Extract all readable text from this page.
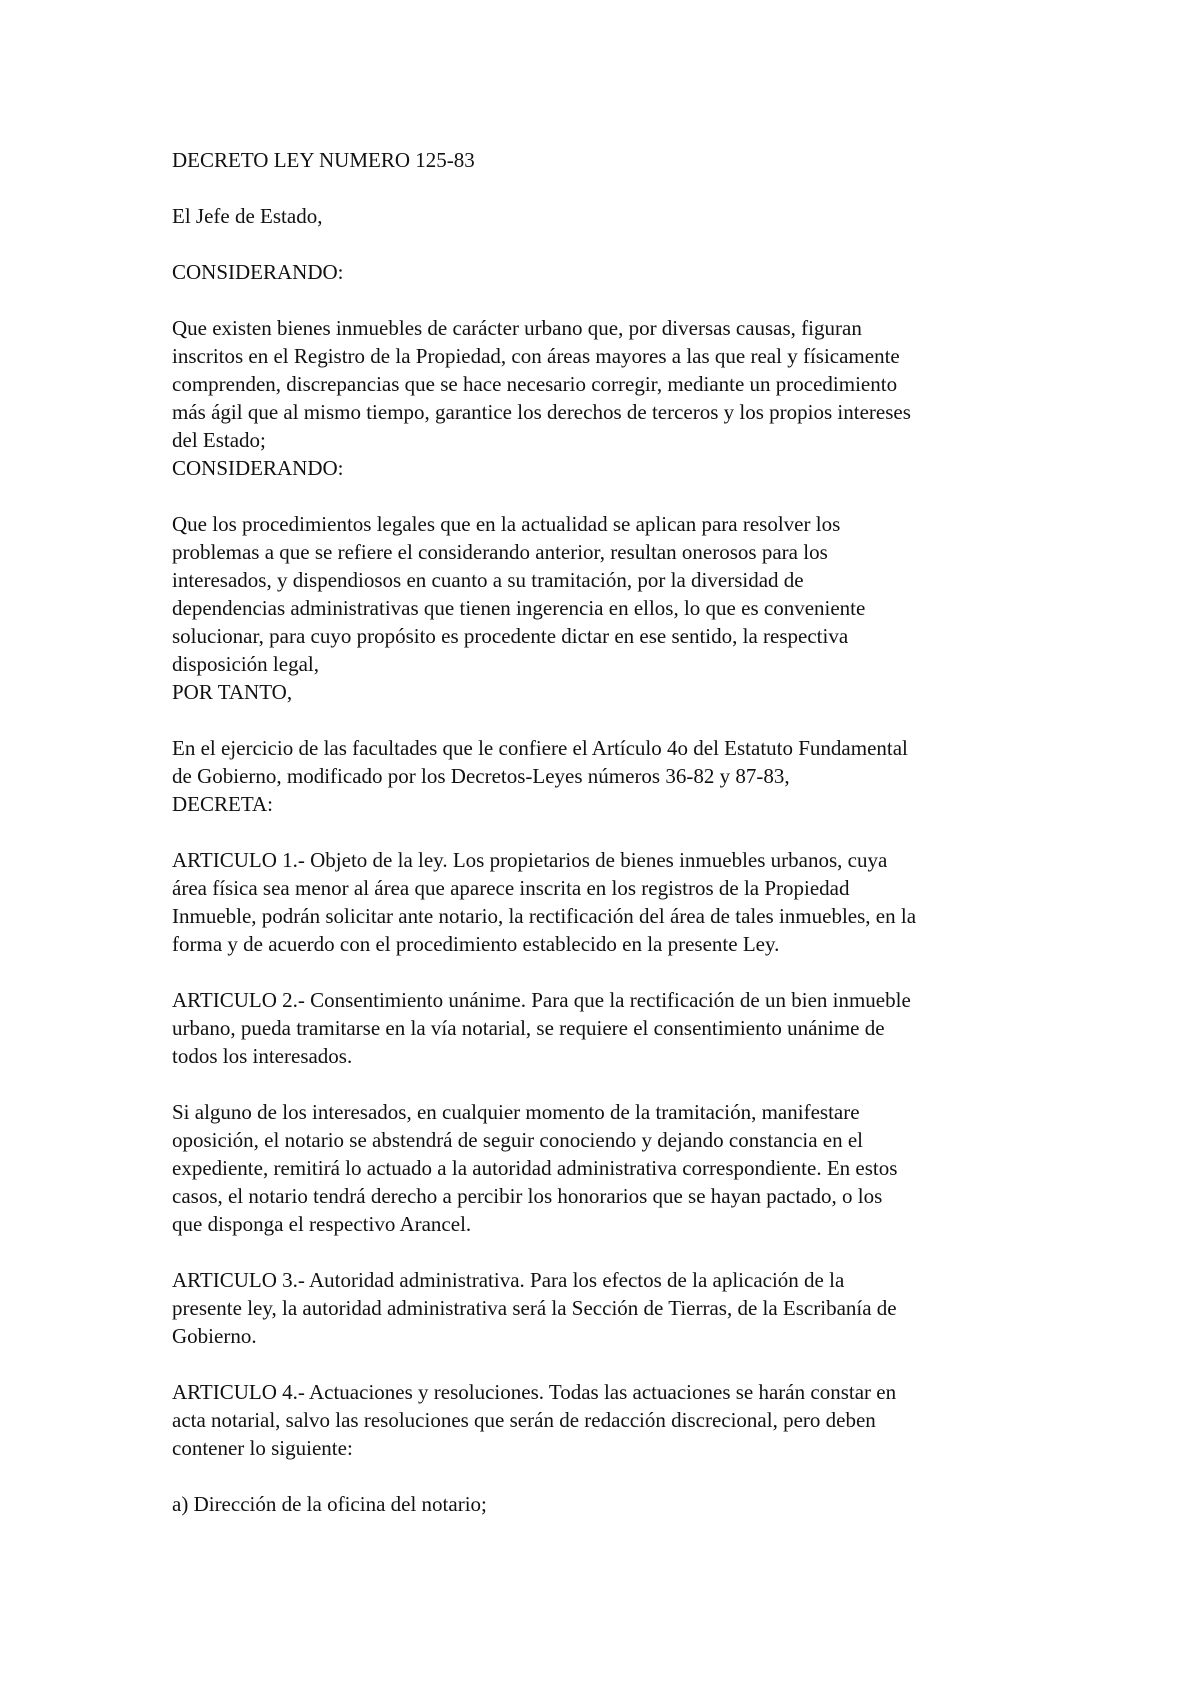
DECRETO LEY NUMERO 125-83

El Jefe de Estado,

CONSIDERANDO:

Que existen bienes inmuebles de carácter urbano que, por diversas causas, figuran
inscritos en el Registro de la Propiedad, con áreas mayores a las que real y físicamente
comprenden, discrepancias que se hace necesario corregir, mediante un procedimiento
más ágil que al mismo tiempo, garantice los derechos de terceros y los propios intereses
del Estado;

CONSIDERANDO:

Que los procedimientos legales que en la actualidad se aplican para resolver los
problemas a que se refiere el considerando anterior, resultan onerosos para los
interesados, y dispendiosos en cuanto a su tramitación, por la diversidad de
dependencias administrativas que tienen ingerencia en ellos, lo que es conveniente
solucionar, para cuyo propósito es procedente dictar en ese sentido, la respectiva
disposición legal,

POR TANTO,

En el ejercicio de las facultades que le confiere el Artículo 4o del Estatuto Fundamental
de Gobierno, modificado por los Decretos-Leyes números 36-82 y 87-83,

DECRETA:

ARTICULO 1.- Objeto de la ley. Los propietarios de bienes inmuebles urbanos, cuya
área física sea menor al área que aparece inscrita en los registros de la Propiedad
Inmueble, podrán solicitar ante notario, la rectificación del área de tales inmuebles, en la
forma y de acuerdo con el procedimiento establecido en la presente Ley.

ARTICULO 2.- Consentimiento unánime. Para que la rectificación de un bien inmueble
urbano, pueda tramitarse en la vía notarial, se requiere el consentimiento unánime de
todos los interesados.

Si alguno de los interesados, en cualquier momento de la tramitación, manifestare
oposición, el notario se abstendrá de seguir conociendo y dejando constancia en el
expediente, remitirá lo actuado a la autoridad administrativa correspondiente. En estos
casos, el notario tendrá derecho a percibir los honorarios que se hayan pactado, o los
que disponga el respectivo Arancel.

ARTICULO 3.- Autoridad administrativa. Para los efectos de la aplicación de la
presente ley, la autoridad administrativa será la Sección de Tierras, de la Escribanía de
Gobierno.

ARTICULO 4.- Actuaciones y resoluciones. Todas las actuaciones se harán constar en
acta notarial, salvo las resoluciones que serán de redacción discrecional, pero deben
contener lo siguiente:

a) Dirección de la oficina del notario;
